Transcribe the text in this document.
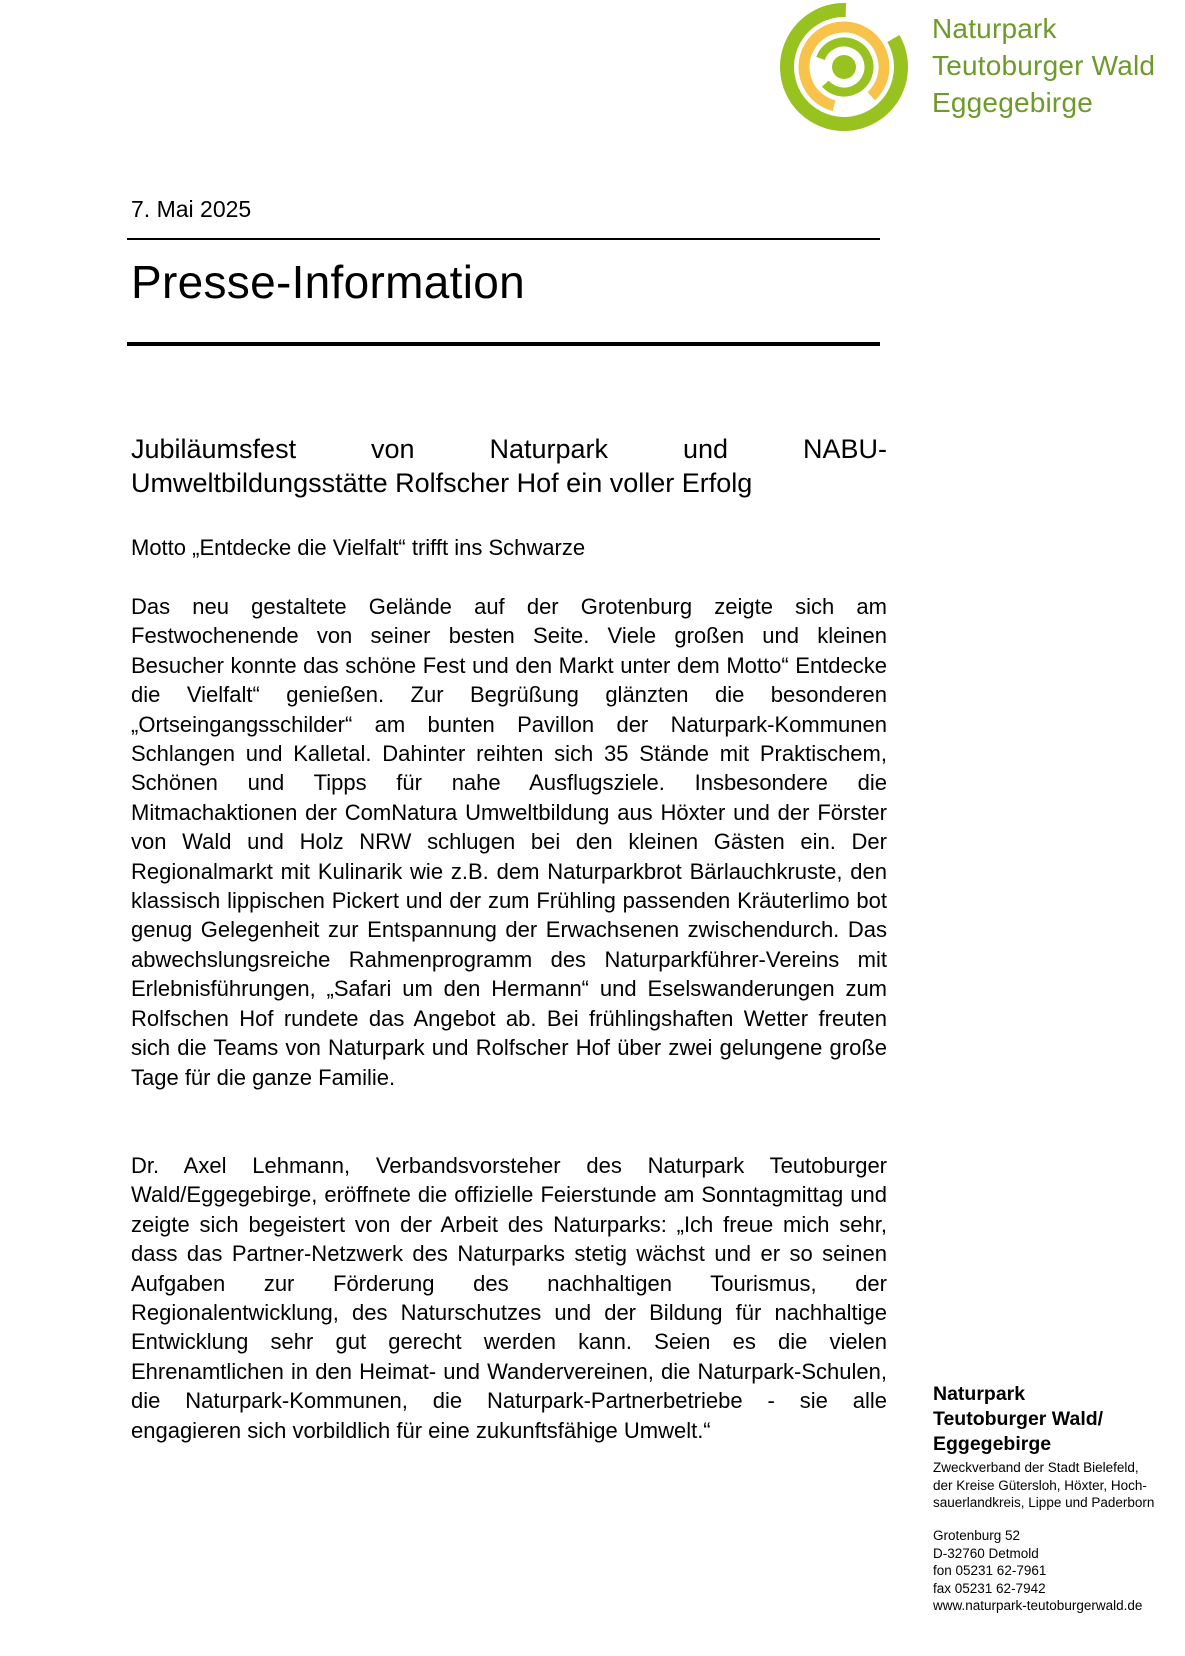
Naturpark
Teutoburger Wald
Eggegebirge
7. Mai 2025
Presse-Information
Jubiläumsfest	von	Naturpark	und	NABU-
Umweltbildungsstätte Rolfscher Hof ein voller Erfolg

Motto „Entdecke die Vielfalt“ trifft ins Schwarze

Das neu gestaltete Gelände auf der Grotenburg zeigte sich am Festwochenende von seiner besten Seite. Viele großen und kleinen Besucher konnte das schöne Fest und den Markt unter dem Motto“ Entdecke die Vielfalt“ genießen. Zur Begrüßung glänzten die besonderen „Ortseingangsschilder“ am bunten Pavillon der Naturpark-Kommunen Schlangen und Kalletal. Dahinter reihten sich 35 Stände mit Praktischem, Schönen und Tipps für nahe Ausflugsziele. Insbesondere die Mitmachaktionen der ComNatura Umweltbildung aus Höxter und der Förster von Wald und Holz NRW schlugen bei den kleinen Gästen ein. Der Regionalmarkt mit Kulinarik wie z.B. dem Naturparkbrot Bärlauchkruste, den klassisch lippischen Pickert und der zum Frühling passenden Kräuterlimo bot genug Gelegenheit zur Entspannung der Erwachsenen zwischendurch. Das abwechslungsreiche Rahmenprogramm des Naturparkführer-Vereins mit Erlebnisführungen, „Safari um den Hermann“ und Eselswanderungen zum Rolfschen Hof rundete das Angebot ab. Bei frühlingshaften Wetter freuten sich die Teams von Naturpark und Rolfscher Hof über zwei gelungene große Tage für die ganze Familie.

Dr. Axel Lehmann, Verbandsvorsteher des Naturpark Teutoburger Wald/Eggegebirge, eröffnete die offizielle Feierstunde am Sonntagmittag und zeigte sich begeistert von der Arbeit des Naturparks: „Ich freue mich sehr, dass das Partner-Netzwerk des Naturparks stetig wächst und er so seinen Aufgaben zur Förderung des nachhaltigen Tourismus, der Regionalentwicklung, des Naturschutzes und der Bildung für nachhaltige Entwicklung sehr gut gerecht werden kann. Seien es die vielen Ehrenamtlichen in den Heimat- und Wandervereinen, die Naturpark-Schulen, die Naturpark-Kommunen, die Naturpark-Partnerbetriebe - sie alle engagieren sich vorbildlich für eine zukunftsfähige Umwelt.“

Naturpark
Teutoburger Wald/
Eggegebirge
Zweckverband der Stadt Bielefeld,
der Kreise Gütersloh, Höxter, Hoch-
sauerlandkreis, Lippe und Paderborn
Grotenburg 52
D-32760 Detmold
fon 05231 62-7961
fax 05231 62-7942
www.naturpark-teutoburgerwald.de
